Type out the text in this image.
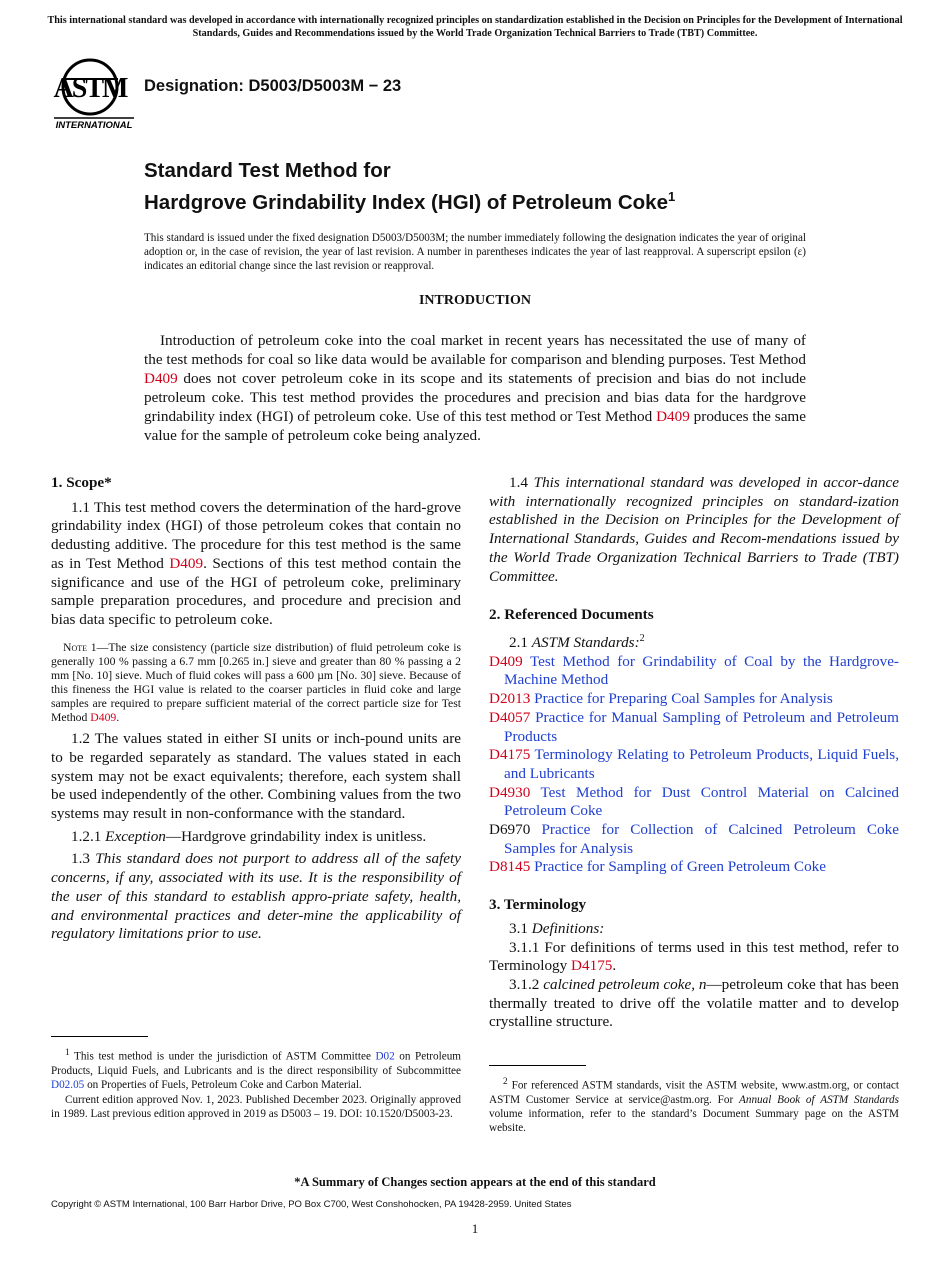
This international standard was developed in accordance with internationally recognized principles on standardization established in the Decision on Principles for the Development of International Standards, Guides and Recommendations issued by the World Trade Organization Technical Barriers to Trade (TBT) Committee.
ASTM
INTERNATIONAL
Designation: D5003/D5003M − 23
Standard Test Method for
Hardgrove Grindability Index (HGI) of Petroleum Coke$^1$
This standard is issued under the fixed designation D5003/D5003M; the number immediately following the designation indicates the year of original adoption or, in the case of revision, the year of last revision. A number in parentheses indicates the year of last reapproval. A superscript epsilon (ε) indicates an editorial change since the last revision or reapproval.
INTRODUCTION
Introduction of petroleum coke into the coal market in recent years has necessitated the use of many of the test methods for coal so like data would be available for comparison and blending purposes. Test Method D409 does not cover petroleum coke in its scope and its statements of precision and bias do not include petroleum coke. This test method provides the procedures and precision and bias data for the hardgrove grindability index (HGI) of petroleum coke. Use of this test method or Test Method D409 produces the same value for the sample of petroleum coke being analyzed.

1. Scope*

1.1 This test method covers the determination of the hard-grove grindability index (HGI) of those petroleum cokes that contain no dedusting additive. The procedure for this test method is the same as in Test Method D409. Sections of this test method contain the significance and use of the HGI of petroleum coke, preliminary sample preparation procedures, and procedure and precision and bias data specific to petroleum coke.

Note 1—The size consistency (particle size distribution) of fluid petroleum coke is generally 100 % passing a 6.7 mm [0.265 in.] sieve and greater than 80 % passing a 2 mm [No. 10] sieve. Much of fluid cokes will pass a 600 µm [No. 30] sieve. Because of this fineness the HGI value is related to the coarser particles in fluid coke and large samples are required to prepare sufficient material of the correct particle size for Test Method D409.

1.2 The values stated in either SI units or inch-pound units are to be regarded separately as standard. The values stated in each system may not be exact equivalents; therefore, each system shall be used independently of the other. Combining values from the two systems may result in non-conformance with the standard.

1.2.1 Exception—Hardgrove grindability index is unitless.

1.3 This standard does not purport to address all of the safety concerns, if any, associated with its use. It is the responsibility of the user of this standard to establish appro-priate safety, health, and environmental practices and deter-mine the applicability of regulatory limitations prior to use.

$^1$ This test method is under the jurisdiction of ASTM Committee D02 on Petroleum Products, Liquid Fuels, and Lubricants and is the direct responsibility of Subcommittee D02.05 on Properties of Fuels, Petroleum Coke and Carbon Material.
Current edition approved Nov. 1, 2023. Published December 2023. Originally approved in 1989. Last previous edition approved in 2019 as D5003 – 19. DOI: 10.1520/D5003-23.

1.4 This international standard was developed in accor-dance with internationally recognized principles on standard-ization established in the Decision on Principles for the Development of International Standards, Guides and Recom-mendations issued by the World Trade Organization Technical Barriers to Trade (TBT) Committee.

2. Referenced Documents

2.1 ASTM Standards:$^2$

D409 Test Method for Grindability of Coal by the Hardgrove-Machine Method

D2013 Practice for Preparing Coal Samples for Analysis

D4057 Practice for Manual Sampling of Petroleum and Petroleum Products

D4175 Terminology Relating to Petroleum Products, Liquid Fuels, and Lubricants

D4930 Test Method for Dust Control Material on Calcined Petroleum Coke

D6970 Practice for Collection of Calcined Petroleum Coke Samples for Analysis

D8145 Practice for Sampling of Green Petroleum Coke

3. Terminology

3.1 Definitions:

3.1.1 For definitions of terms used in this test method, refer to Terminology D4175.

3.1.2 calcined petroleum coke, n—petroleum coke that has been thermally treated to drive off the volatile matter and to develop crystalline structure.

$^2$ For referenced ASTM standards, visit the ASTM website, www.astm.org, or contact ASTM Customer Service at service@astm.org. For Annual Book of ASTM Standards volume information, refer to the standard’s Document Summary page on the ASTM website.
*A Summary of Changes section appears at the end of this standard
Copyright © ASTM International, 100 Barr Harbor Drive, PO Box C700, West Conshohocken, PA 19428-2959. United States
1
